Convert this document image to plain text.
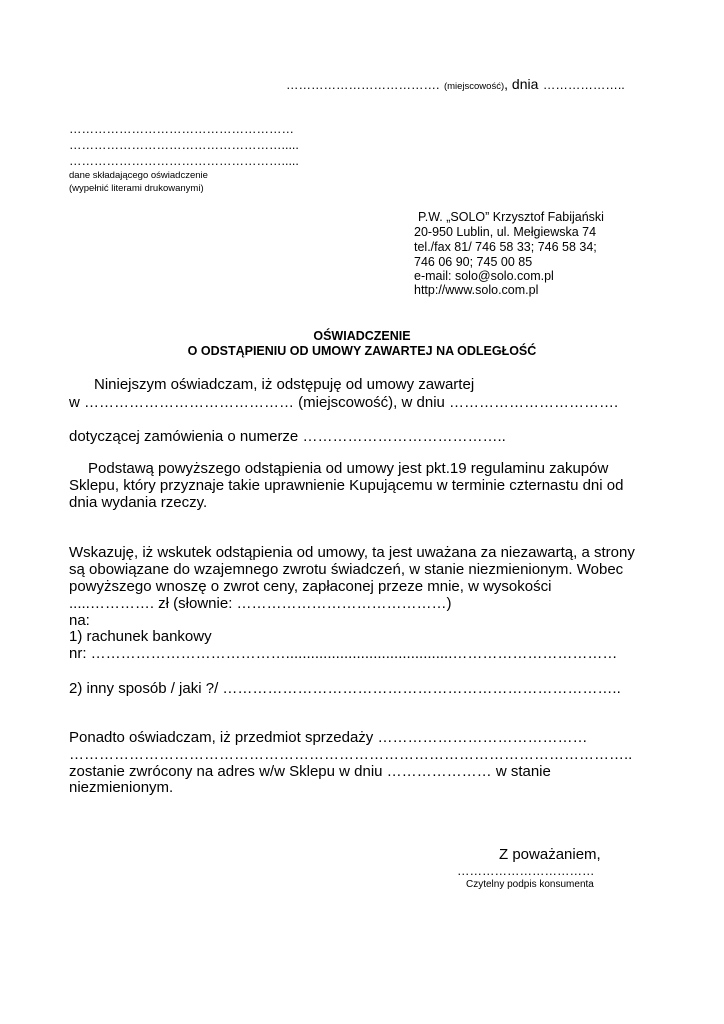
………………………………. (miejscowość), dnia ………………..
………………………………………………
…………………………………………….....
…………………………………………….....
dane składającego oświadczenie
(wypełnić literami drukowanymi)
P.W. „SOLO” Krzysztof Fabijański
20-950 Lublin, ul. Mełgiewska 74
tel./fax 81/ 746 58 33; 746 58 34;
746 06 90; 745 00 85
e-mail: solo@solo.com.pl
http://www.solo.com.pl
OŚWIADCZENIE
O ODSTĄPIENIU OD UMOWY ZAWARTEJ NA ODLEGŁOŚĆ
Niniejszym oświadczam, iż odstępuję od umowy zawartej
w …………………………………… (miejscowość), w dniu …………………………….
dotyczącej zamówienia o numerze …………………………………..
Podstawą powyższego odstąpienia od umowy jest pkt.19 regulaminu zakupów
Sklepu, który przyznaje takie uprawnienie Kupującemu w terminie czternastu dni od
dnia wydania rzeczy.
Wskazuję, iż wskutek odstąpienia od umowy, ta jest uważana za niezawartą, a strony
są obowiązane do wzajemnego zwrotu świadczeń, w stanie niezmienionym. Wobec
powyższego wnoszę o zwrot ceny, zapłaconej przeze mnie, w wysokości
.....…………. zł (słownie: ……………………………………)
na:
1) rachunek bankowy
nr: …………………………………........................................……………………………
2) inny sposób / jaki ?/ ……………………………………………………………………..
Ponadto oświadczam, iż przedmiot sprzedaży ……………………………………
…………………………………………………………………………………………………..
zostanie zwrócony na adres w/w Sklepu w dniu ………………… w stanie
niezmienionym.
Z poważaniem,
……………………………
Czytelny podpis konsumenta
